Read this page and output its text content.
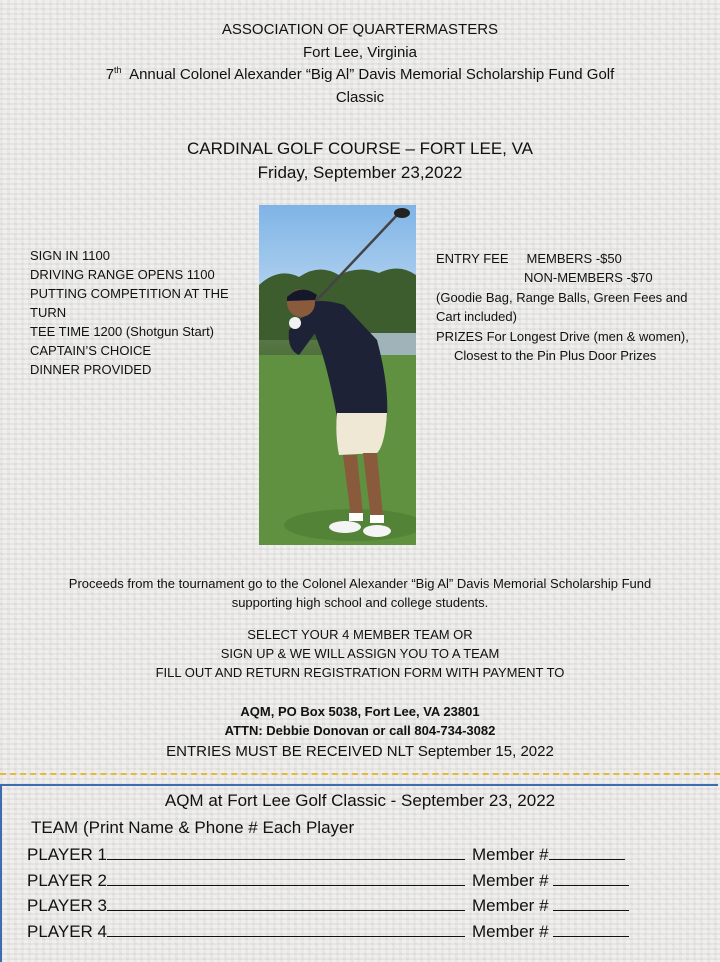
ASSOCIATION OF QUARTERMASTERS
Fort Lee, Virginia
7th Annual Colonel Alexander “Big Al” Davis Memorial Scholarship Fund Golf
Classic
CARDINAL GOLF COURSE – FORT LEE, VA
Friday, September 23,2022
SIGN IN 1100
DRIVING RANGE OPENS 1100
PUTTING COMPETITION AT THE TURN
TEE TIME 1200 (Shotgun Start)
CAPTAIN’S CHOICE
DINNER PROVIDED
ENTRY FEE MEMBERS -$50
NON-MEMBERS -$70
(Goodie Bag, Range Balls, Green Fees and Cart included)
PRIZES For Longest Drive (men & women),
Closest to the Pin Plus Door Prizes
Proceeds from the tournament go to the Colonel Alexander “Big Al” Davis Memorial Scholarship Fund
supporting high school and college students.
SELECT YOUR 4 MEMBER TEAM OR
SIGN UP & WE WILL ASSIGN YOU TO A TEAM
FILL OUT AND RETURN REGISTRATION FORM WITH PAYMENT TO
AQM, PO Box 5038, Fort Lee, VA 23801
ATTN: Debbie Donovan or call 804-734-3082
ENTRIES MUST BE RECEIVED NLT September 15, 2022
AQM at Fort Lee Golf Classic - September 23, 2022
TEAM (Print Name & Phone # Each Player
PLAYER 1	Member #
PLAYER 2	Member #
PLAYER 3	Member #
PLAYER 4	Member #
